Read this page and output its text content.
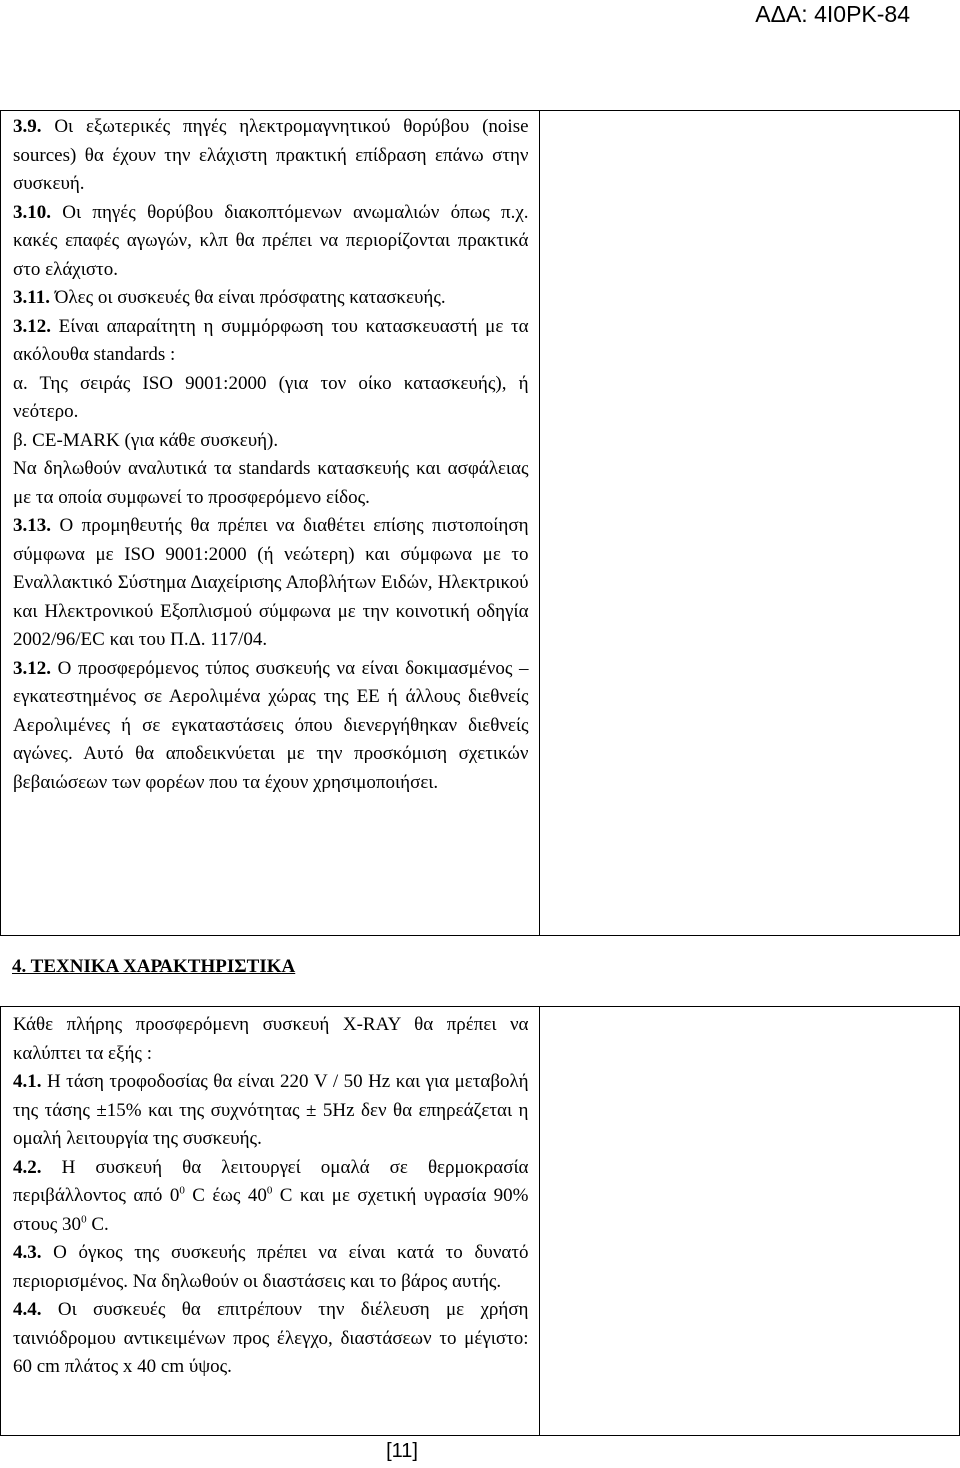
ΑΔΑ: 4Ι0ΡΚ-84
3.9. Οι εξωτερικές πηγές ηλεκτρομαγνητικού θορύβου (noise sources) θα έχουν την ελάχιστη πρακτική επίδραση επάνω στην συσκευή.
3.10. Οι πηγές θορύβου διακοπτόμενων ανωμαλιών όπως π.χ. κακές επαφές αγωγών, κλπ θα πρέπει να περιορίζονται πρακτικά στο ελάχιστο.
3.11. Όλες οι συσκευές θα είναι πρόσφατης κατασκευής.
3.12. Είναι απαραίτητη η συμμόρφωση του κατασκευαστή με τα ακόλουθα standards :
α. Της σειράς ISO 9001:2000 (για τον οίκο κατασκευής), ή νεότερο.
β. CE-MARK (για κάθε συσκευή).
Να δηλωθούν αναλυτικά τα standards κατασκευής και ασφάλειας με τα οποία συμφωνεί το προσφερόμενο είδος.
3.13. Ο προμηθευτής θα πρέπει να διαθέτει επίσης πιστοποίηση σύμφωνα με ISO 9001:2000 (ή νεώτερη) και σύμφωνα με το Εναλλακτικό Σύστημα Διαχείρισης Αποβλήτων Ειδών, Ηλεκτρικού και Ηλεκτρονικού Εξοπλισμού σύμφωνα με την κοινοτική οδηγία 2002/96/EC και του Π.Δ. 117/04.
3.12. Ο προσφερόμενος τύπος συσκευής να είναι δοκιμασμένος – εγκατεστημένος σε Αερολιμένα χώρας της ΕΕ ή άλλους διεθνείς Αερολιμένες ή σε εγκαταστάσεις όπου διενεργήθηκαν διεθνείς αγώνες. Αυτό θα αποδεικνύεται με την προσκόμιση σχετικών βεβαιώσεων των φορέων που τα έχουν χρησιμοποιήσει.

4. ΤΕΧΝΙΚΑ ΧΑΡΑΚΤΗΡΙΣΤΙΚΑ
Κάθε πλήρης προσφερόμενη συσκευή X-RAY θα πρέπει να καλύπτει τα εξής :
4.1. Η τάση τροφοδοσίας θα είναι 220 V / 50 Hz και για μεταβολή της τάσης ±15% και της συχνότητας ± 5Hz δεν θα επηρεάζεται η ομαλή λειτουργία της συσκευής.
4.2. Η συσκευή θα λειτουργεί ομαλά σε θερμοκρασία περιβάλλοντος από $0^0$ C έως $40^0$ C και με σχετική υγρασία 90% στους $30^0$ C.
4.3. Ο όγκος της συσκευής πρέπει να είναι κατά το δυνατό περιορισμένος. Να δηλωθούν οι διαστάσεις και το βάρος αυτής.
4.4. Οι συσκευές θα επιτρέπουν την διέλευση με χρήση ταινιόδρομου αντικειμένων προς έλεγχο, διαστάσεων το μέγιστο: 60 cm πλάτος x 40 cm ύψος.

[11]
